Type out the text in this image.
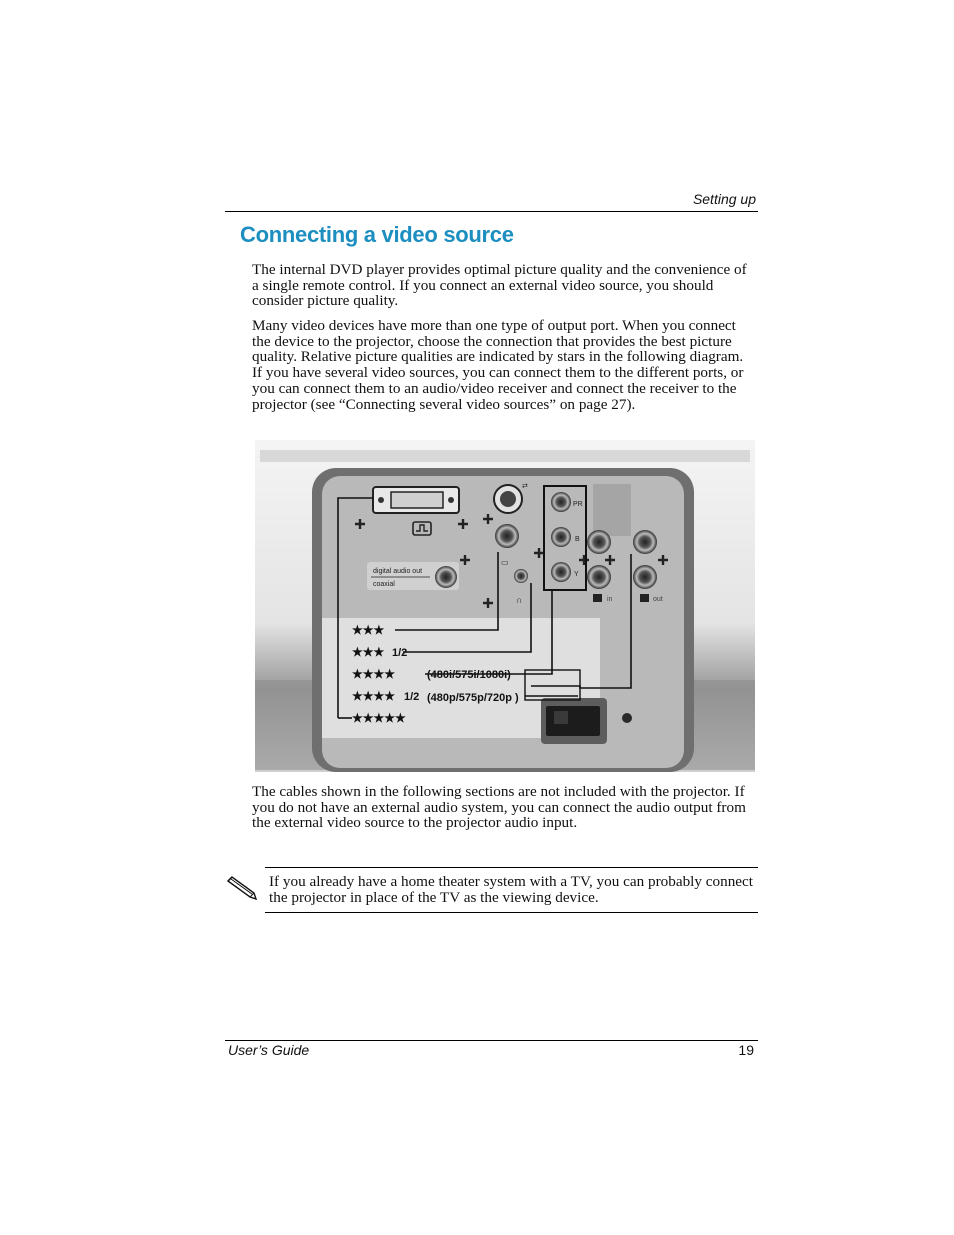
Setting up
Connecting a video source

The internal DVD player provides optimal picture quality and the convenience of a single remote control. If you connect an external video source, you should consider picture quality.

Many video devices have more than one type of output port. When you connect the device to the projector, choose the connection that provides the best picture quality. Relative picture qualities are indicated by stars in the following diagram. If you have several video sources, you can connect them to the different ports, or you can connect them to an audio/video receiver and connect the receiver to the projector (see “Connecting several video sources” on page 27).

digital audio out
coaxial
⇄
▭
∩
PR
B
Y
in	out
★★★
★★★ 1/2
★★★★	(480i/575i/1080i)
★★★★ 1/2 (480p/575p/720p )
★★★★★

The cables shown in the following sections are not included with the projector. If you do not have an external audio system, you can connect the audio output from the external video source to the projector audio input.

If you already have a home theater system with a TV, you can probably connect the projector in place of the TV as the viewing device.
User’s Guide	19
